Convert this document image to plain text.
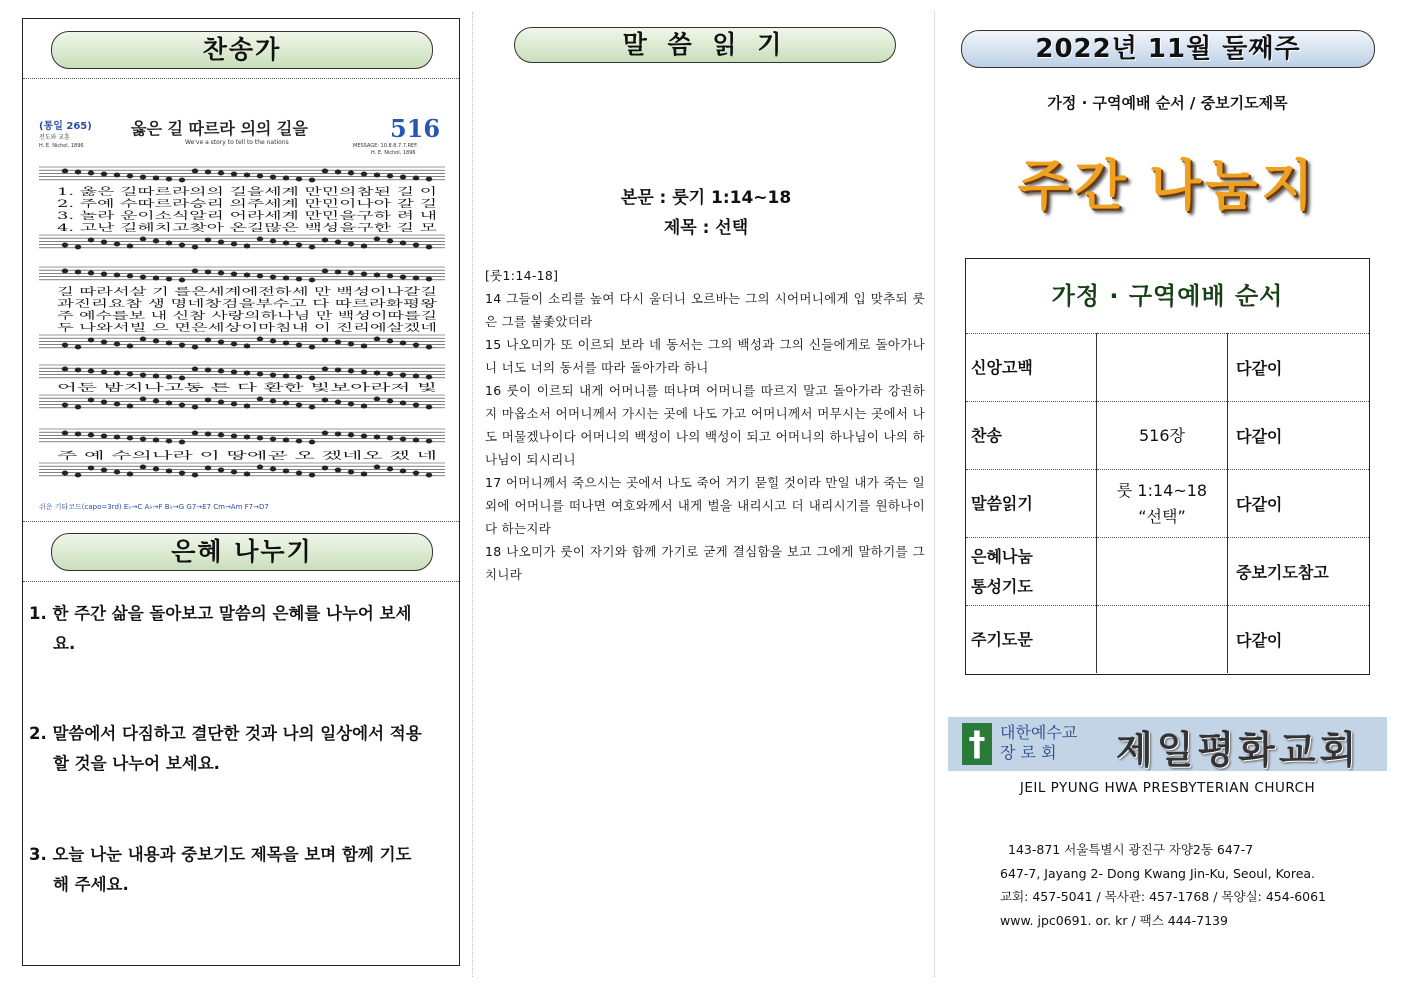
찬송가
(통일 265)
전도와 교훈
H. E. Nichol, 1896
옳은 길 따르라 의의 길을
We've a story to tell to the nations	516
MESSAGE: 10.8.8.7.7.REF.
H. E. Nichol, 1896
1. 옳은 길따르라의의 길을세계 만민의참된 길 이
2. 주예 수따르라승리 의주세계 만민이나아 갈 길
3. 놀라 운이소식알리 어라세계 만민을구하 려 내
4. 고난 길헤치고찾아 온길많은 백성을구한 길 모
길 따라서살 기 를은세계에전하세 만 백성이나갈길
과진리요참 생 명네창검을부수고 다 따르라화평왕
주 예수를보 내 신참 사랑의하나님 만 백성이따를길
두 나와서빌 으 면은세상이마침내 이 진리에살겠네
어둔 밤지나고동 튼 다 환한 빛보아라저 빛
주 예 수의나라 이 땅에곧 오 겠네오 겠 네
쉬운 기타코드(capo=3rd) E♭→C A♭→F B♭→G G7→E7 Cm→Am F7→D7
은혜 나누기
1. 한 주간 삶을 돌아보고 말씀의 은혜를 나누어 보세
요.
2. 말씀에서 다짐하고 결단한 것과 나의 일상에서 적용
할 것을 나누어 보세요.
3. 오늘 나눈 내용과 중보기도 제목을 보며 함께 기도
해 주세요.
말 씀 읽 기
본문 : 룻기 1:14~18
제목 : 선택
[룻1:14-18]
14 그들이 소리를 높여 다시 울더니 오르바는 그의 시어머니에게 입 맞추되 룻은 그를 붙좇았더라
15 나오미가 또 이르되 보라 네 동서는 그의 백성과 그의 신들에게로 돌아가나니 너도 너의 동서를 따라 돌아가라 하니
16 룻이 이르되 내게 어머니를 떠나며 어머니를 따르지 말고 돌아가라 강권하지 마옵소서 어머니께서 가시는 곳에 나도 가고 어머니께서 머무시는 곳에서 나도 머물겠나이다 어머니의 백성이 나의 백성이 되고 어머니의 하나님이 나의 하나님이 되시리니
17 어머니께서 죽으시는 곳에서 나도 죽어 거기 묻힐 것이라 만일 내가 죽는 일 외에 어머니를 떠나면 여호와께서 내게 벌을 내리시고 더 내리시기를 원하나이다 하는지라
18 나오미가 룻이 자기와 함께 가기로 굳게 결심함을 보고 그에게 말하기를 그치니라
2022년 11월 둘째주
가정 · 구역예배 순서 / 중보기도제목
주간 나눔지
가정 · 구역예배 순서
신앙고백		다같이

찬송	516장	다같이

말씀읽기	룻 1:14~18
“선택”	다같이

은혜나눔
통성기도		중보기도참고

주기도문		다같이
† 대한예수교
장 로 회	제일평화교회
JEIL PYUNG HWA PRESBYTERIAN CHURCH
143-871 서울특별시 광진구 자양2동 647-7
647-7, Jayang 2- Dong Kwang Jin-Ku, Seoul, Korea.
교회: 457-5041 / 목사관: 457-1768 / 목양실: 454-6061
www. jpc0691. or. kr / 팩스 444-7139
